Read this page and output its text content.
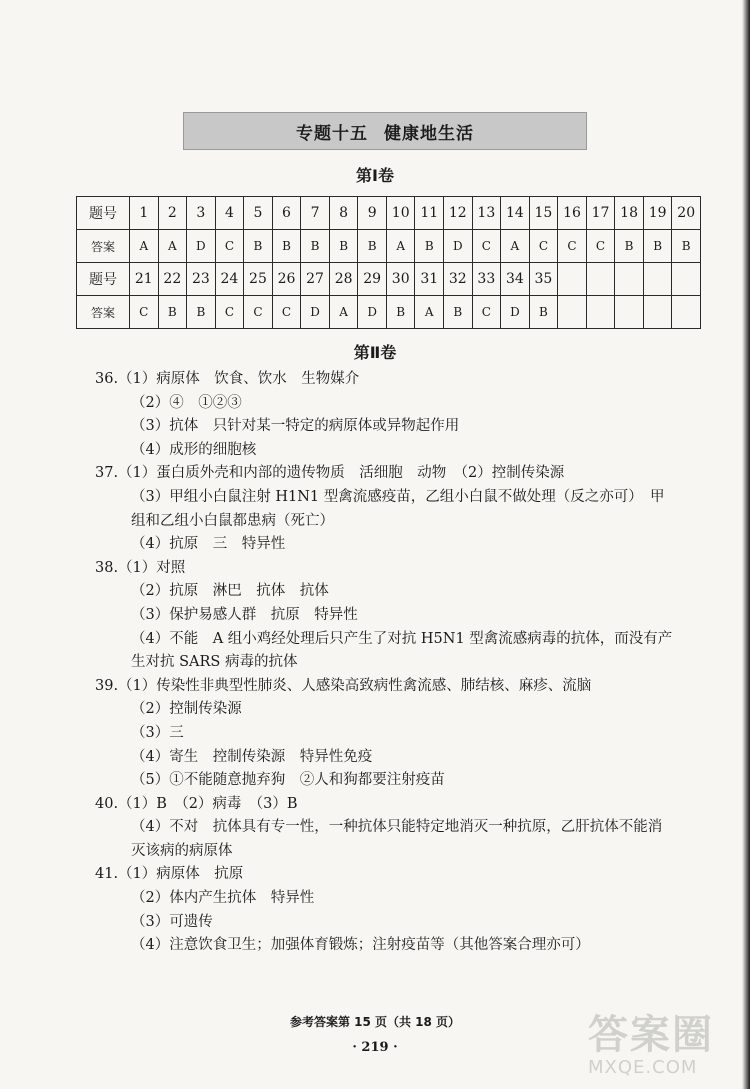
专题十五 健康地生活
第Ⅰ卷
题号	1	2	3	4	5	6	7	8	9	10	11	12	13	14	15	16	17	18	19	20
答案	A	A	D	C	B	B	B	B	B	A	B	D	C	A	C	C	C	B	B	B
题号	21	22	23	24	25	26	27	28	29	30	31	32	33	34	35					
答案	C	B	B	C	C	C	D	A	D	B	A	B	C	D	B					
第Ⅱ卷
36.（1）病原体　饮食、饮水　生物媒介
（2）④　①②③
（3）抗体　只针对某一特定的病原体或异物起作用
（4）成形的细胞核
37.（1）蛋白质外壳和内部的遗传物质　活细胞　动物　（2）控制传染源
（3）甲组小白鼠注射 H1N1 型禽流感疫苗，乙组小白鼠不做处理（反之亦可）　甲
组和乙组小白鼠都患病（死亡）
（4）抗原　三　特异性
38.（1）对照
（2）抗原　淋巴　抗体　抗体
（3）保护易感人群　抗原　特异性
（4）不能　A 组小鸡经处理后只产生了对抗 H5N1 型禽流感病毒的抗体，而没有产
生对抗 SARS 病毒的抗体
39.（1）传染性非典型性肺炎、人感染高致病性禽流感、肺结核、麻疹、流脑
（2）控制传染源
（3）三
（4）寄生　控制传染源　特异性免疫
（5）①不能随意抛弃狗　②人和狗都要注射疫苗
40.（1）B　（2）病毒　（3）B
（4）不对　抗体具有专一性，一种抗体只能特定地消灭一种抗原，乙肝抗体不能消
灭该病的病原体
41.（1）病原体　抗原
（2）体内产生抗体　特异性
（3）可遗传
（4）注意饮食卫生；加强体育锻炼；注射疫苗等（其他答案合理亦可）
参考答案第 15 页（共 18 页）
· 219 ·	答案圈
MXQE.COM
